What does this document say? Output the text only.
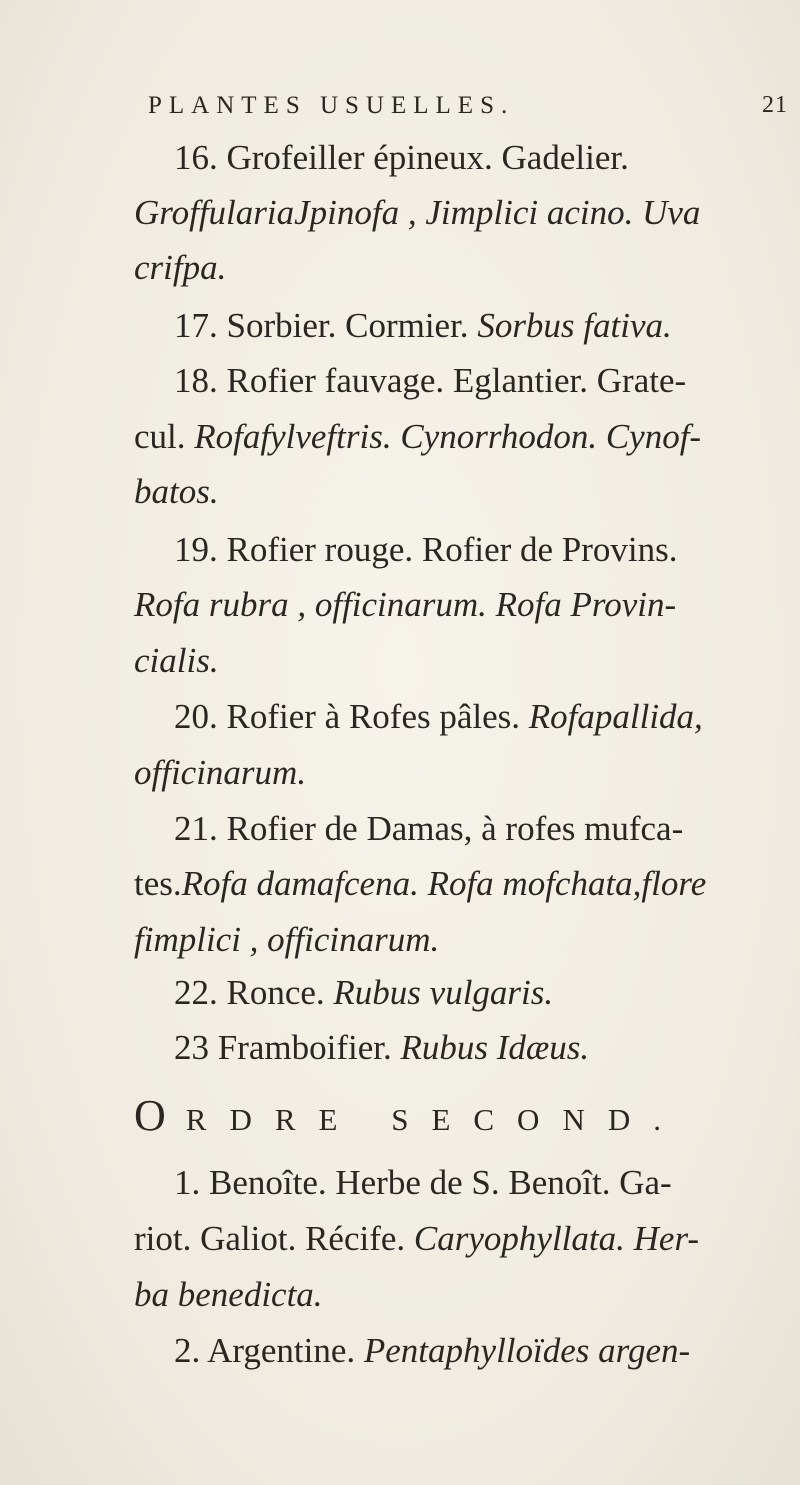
PLANTES USUELLES.	21
16. Grofeiller épineux. Gadelier.
GroffulariaJpinofa , Jimplici acino. Uva
crifpa.
17. Sorbier. Cormier. Sorbus fativa.
18. Rofier fauvage. Eglantier. Grate-
cul. Rofafylveftris. Cynorrhodon. Cynof-
batos.
19. Rofier rouge. Rofier de Provins.
Rofa rubra , officinarum. Rofa Provin-
cialis.
20. Rofier à Rofes pâles. Rofapallida,
officinarum.
21. Rofier de Damas, à rofes mufca-
tes.Rofa damafcena. Rofa mofchata,flore
fimplici , officinarum.
22. Ronce. Rubus vulgaris.
23 Framboifier. Rubus Idæus.
ORDRE SECOND.
1. Benoîte. Herbe de S. Benoît. Ga-
riot. Galiot. Récife. Caryophyllata. Her-
ba benedicta.
2. Argentine. Pentaphylloïdes argen-
